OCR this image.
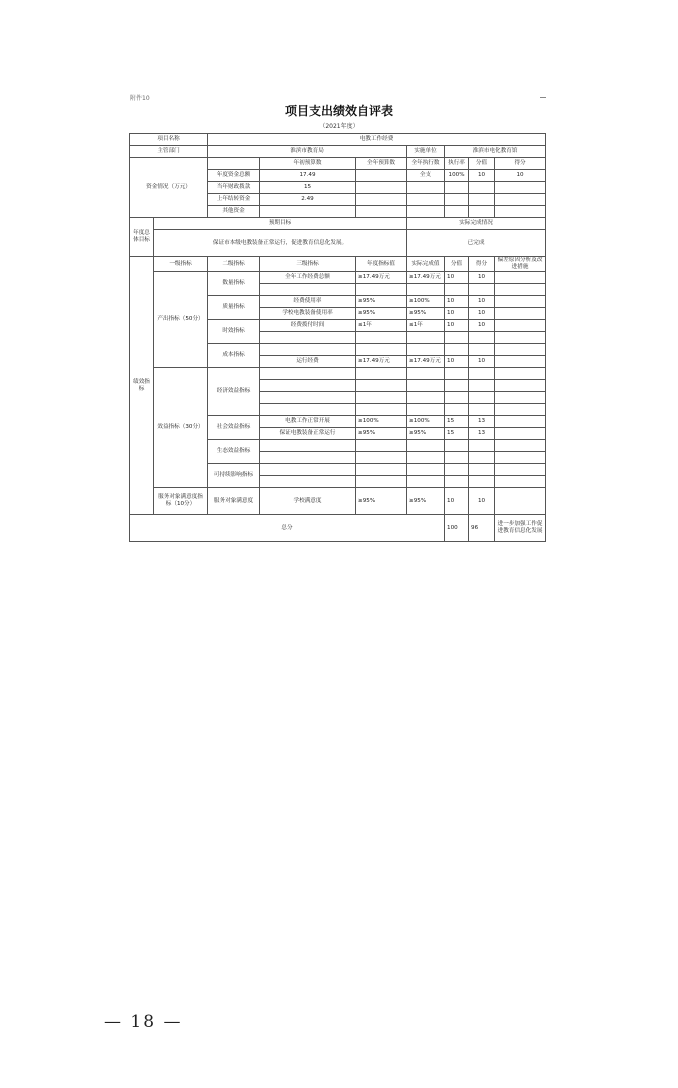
附件10
项目支出绩效自评表
（2021年度）
项目名称		电教工作经费						
主管部门		淮滨市教育局			实施单位	淮滨市电化教育馆		
资金情况（万元）			年初预算数	全年预算数	全年执行数	执行率	分值	得分
		年度资金总额	17.49		全支	100%	10	10
		当年财政拨款	15					
		上年结转资金	2.49					
		其他资金						
年度总体目标	预期目标				实际完成情况			
	保证市本级电教装备正常运行，促进教育信息化发展。				已完成			
绩效指标	一级指标	二级指标	三级指标	年度指标值	实际完成值	分值	得分	偏差原因分析及改进措施
	产出指标（50分）	数量指标	全年工作经费总额	≥17.49万元	≥17.49万元	10	10	

		质量指标	经费使用率	≥95%	≥100%	10	10	
			学校电教装备使用率	≥95%	≥95%	10	10	
		时效指标	经费拨付时间	≤1年	≤1年	10	10	

		成本指标						
			运行经费	≥17.49万元	≥17.49万元	10	10	
	效益指标（30分）	经济效益指标						

		社会效益指标	电教工作正常开展	≥100%	≥100%	15	13	
			保证电教装备正常运行	≥95%	≥95%	15	13	
		生态效益指标						

		可持续影响指标						

	服务对象满意度指标（10分）	服务对象满意度	学校满意度	≥95%	≥95%	10	10	
总分						100	96	进一步加强工作促进教育信息化发展
— 18 —
